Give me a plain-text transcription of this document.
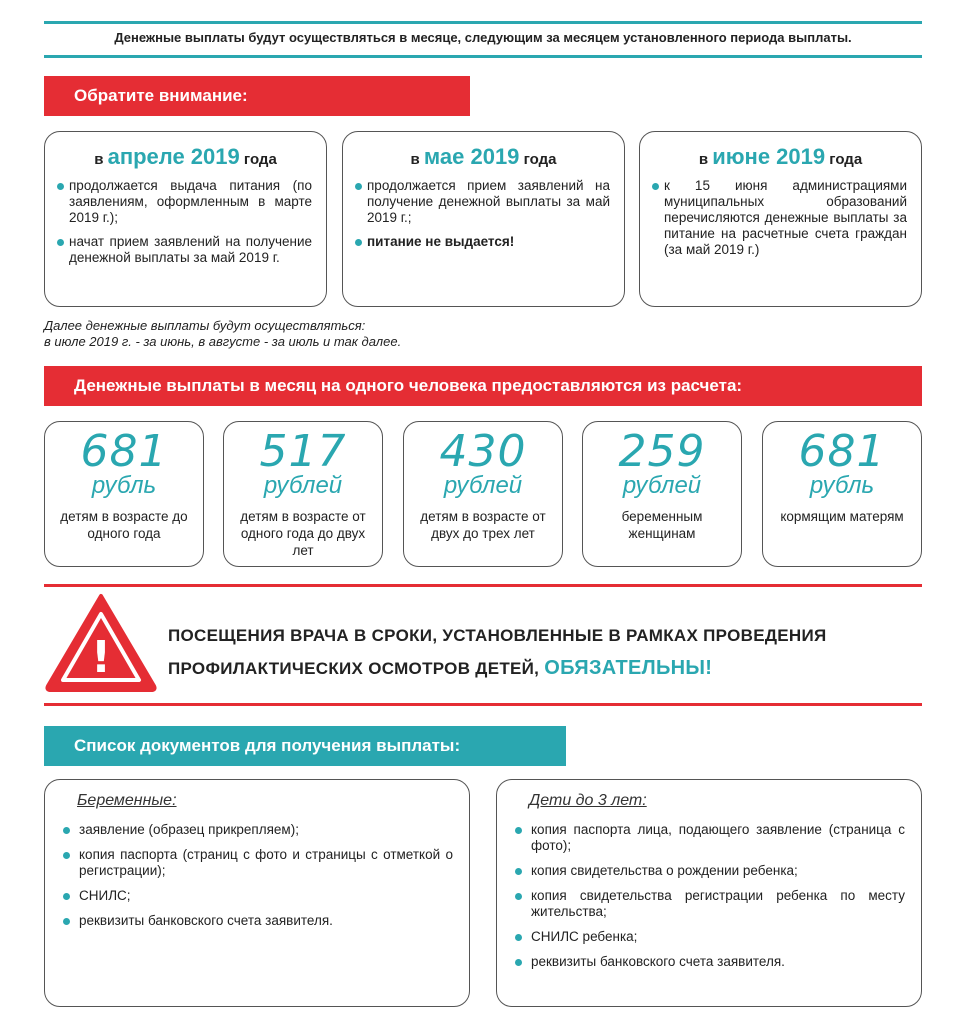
Денежные выплаты будут осуществляться в месяце, следующим за месяцем установленного периода выплаты.
Обратите внимание:
в апреле 2019 года
продолжается выдача питания (по заявлениям, оформленным в марте 2019 г.);
начат прием заявлений на получение денежной выплаты за май 2019 г.
в мае 2019 года
продолжается прием заявлений на получение денежной выплаты за май 2019 г.;
питание не выдается!
в июне 2019 года
к 15 июня администрациями муниципальных образований перечисляются денежные выплаты за питание на расчетные счета граждан (за май 2019 г.)
Далее денежные выплаты будут осуществляться:
в июле 2019 г. - за июнь, в августе - за июль и так далее.
Денежные выплаты в месяц на одного человека предоставляются из расчета:
681
рубль
детям в возрасте до одного года
517
рублей
детям в возрасте от одного года до двух лет
430
рублей
детям в возрасте от двух до трех лет
259
рублей
беременным женщинам
681
рубль
кормящим матерям
!	ПОСЕЩЕНИЯ ВРАЧА В СРОКИ, УСТАНОВЛЕННЫЕ В РАМКАХ ПРОВЕДЕНИЯ
ПРОФИЛАКТИЧЕСКИХ ОСМОТРОВ ДЕТЕЙ, ОБЯЗАТЕЛЬНЫ!
Список документов для получения выплаты:
Беременные:
заявление (образец прикрепляем);
копия паспорта (страниц с фото и страницы с отметкой о регистрации);
СНИЛС;
реквизиты банковского счета заявителя.
Дети до 3 лет:
копия паспорта лица, подающего заявление (страница с фото);
копия свидетельства о рождении ребенка;
копия свидетельства регистрации ребенка по месту жительства;
СНИЛС ребенка;
реквизиты банковского счета заявителя.
